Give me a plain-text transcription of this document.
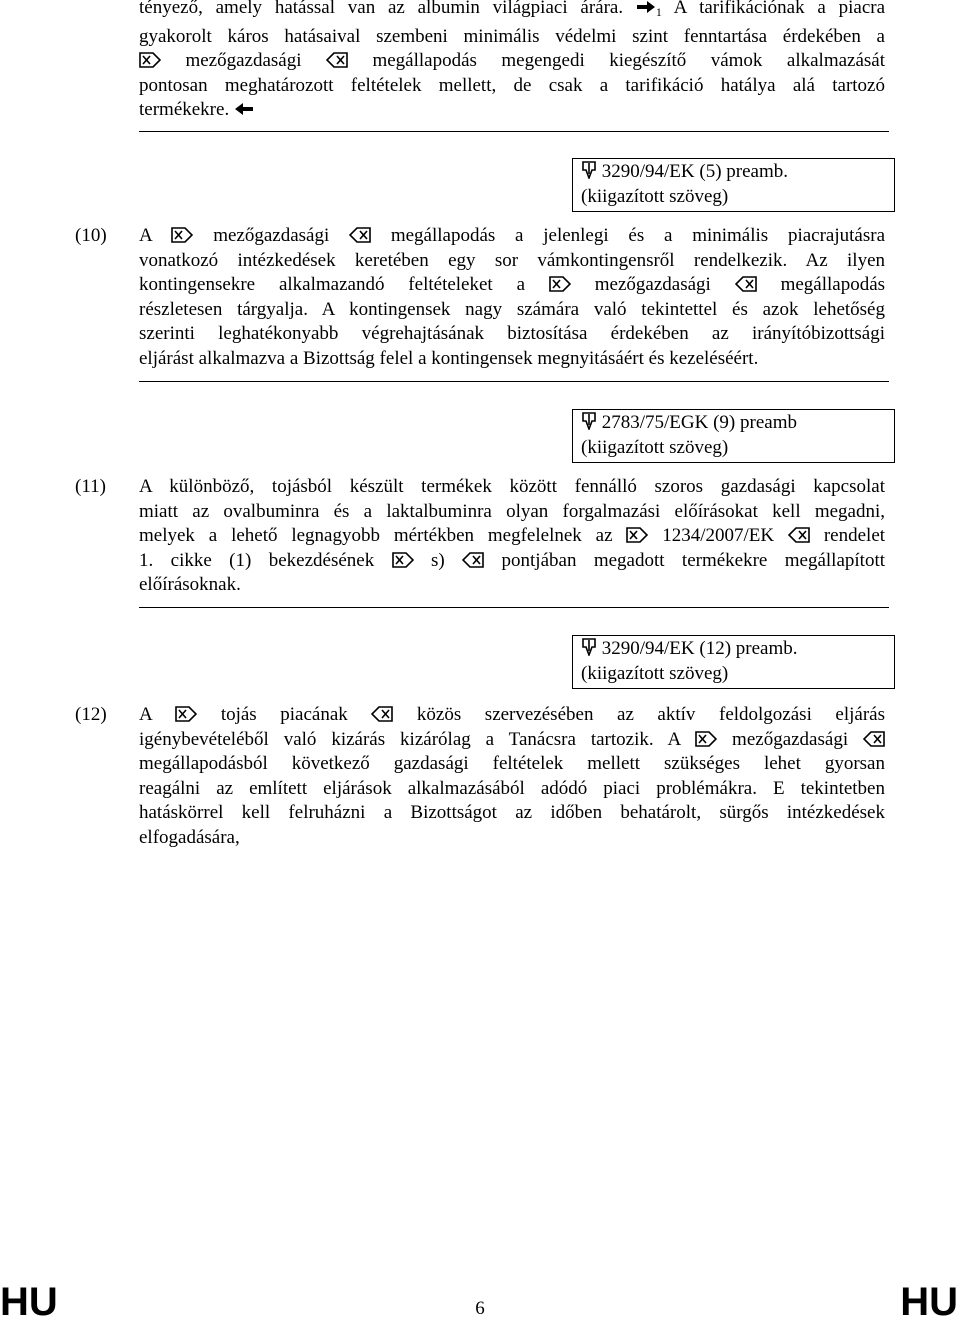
tényező, amely hatással van az albumin világpiaci árára.	$_1$ A tarifikációnak a piacra
gyakorolt káros hatásaival szembeni minimális védelmi szint fenntartása érdekében a
mezőgazdasági	megállapodás megengedi kiegészítő vámok alkalmazását
pontosan meghatározott feltételek mellett, de csak a tarifikáció hatálya alá tartozó
termékekre.
3290/94/EK (5) preamb.
(kiigazított szöveg)
(10) A	mezőgazdasági	megállapodás a jelenlegi és a minimális piacrajutásra
vonatkozó intézkedések keretében egy sor vámkontingensről rendelkezik. Az ilyen
kontingensekre alkalmazandó feltételeket a	mezőgazdasági	megállapodás
részletesen tárgyalja. A kontingensek nagy számára való tekintettel és azok lehetőség
szerinti leghatékonyabb végrehajtásának biztosítása érdekében az irányítóbizottsági
eljárást alkalmazva a Bizottság felel a kontingensek megnyitásáért és kezeléséért.
2783/75/EGK (9) preamb
(kiigazított szöveg)
(11) A különböző, tojásból készült termékek között fennálló szoros gazdasági kapcsolat
miatt az ovalbuminra és a laktalbuminra olyan forgalmazási előírásokat kell megadni,
melyek a lehető legnagyobb mértékben megfelelnek az	1234/2007/EK	rendelet
1. cikke (1) bekezdésének	s)	pontjában megadott termékekre megállapított
előírásoknak.
3290/94/EK (12) preamb.
(kiigazított szöveg)
(12) A	tojás piacának	közös szervezésében az aktív feldolgozási eljárás
igénybevételéből való kizárás kizárólag a Tanácsra tartozik. A	mezőgazdasági
megállapodásból következő gazdasági feltételek mellett szükséges lehet gyorsan
reagálni az említett eljárások alkalmazásából adódó piaci problémákra. E tekintetben
hatáskörrel kell felruházni a Bizottságot az időben behatárolt, sürgős intézkedések
elfogadására,
HU	6	HU
